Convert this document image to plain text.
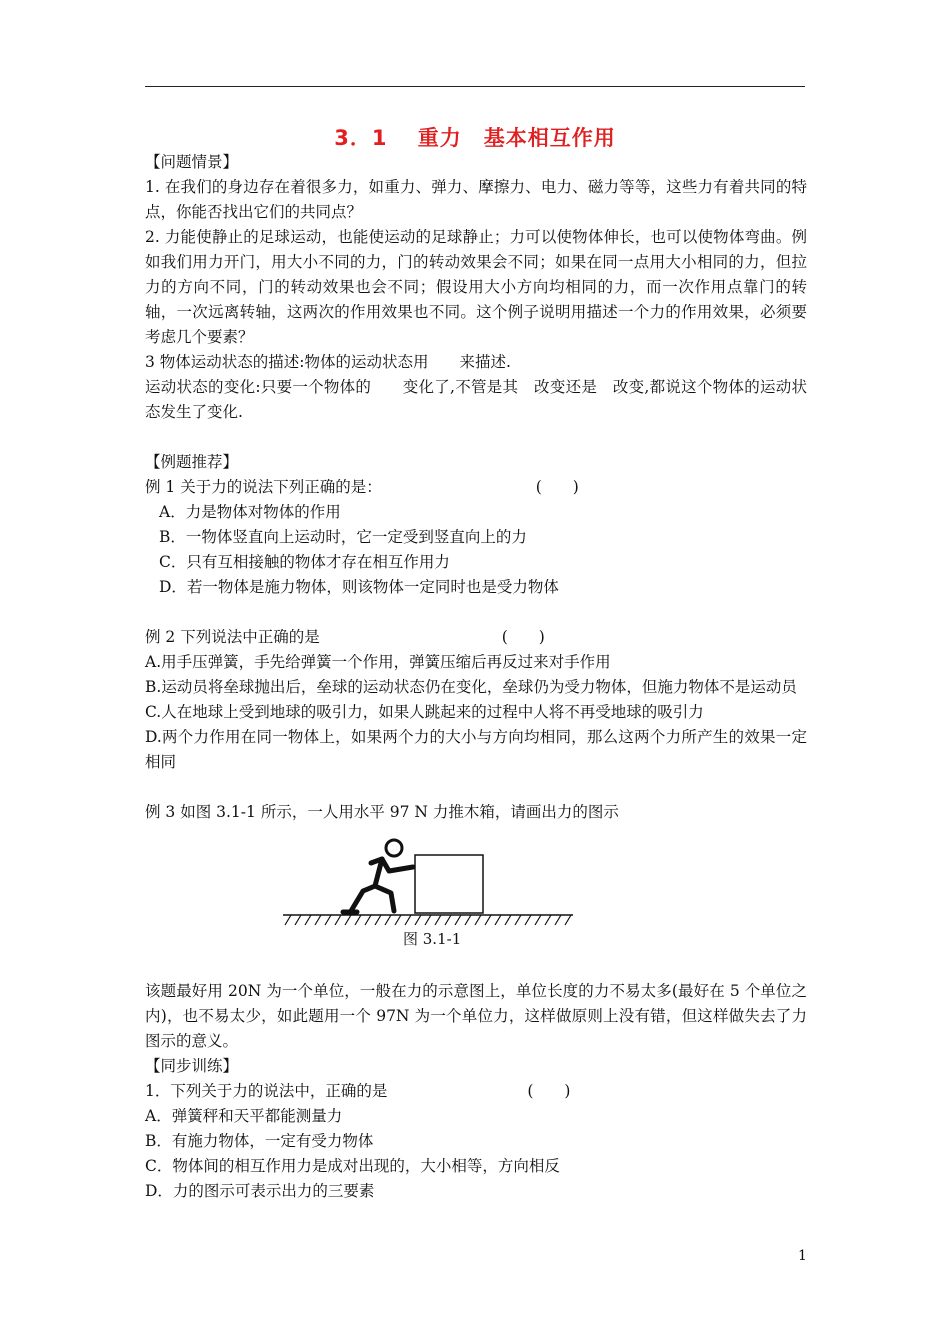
3．1　 重力　基本相互作用

【问题情景】

1. 在我们的身边存在着很多力，如重力、弹力、摩擦力、电力、磁力等等，这些力有着共同的特点，你能否找出它们的共同点？

2. 力能使静止的足球运动，也能使运动的足球静止；力可以使物体伸长，也可以使物体弯曲。例如我们用力开门，用大小不同的力，门的转动效果会不同；如果在同一点用大小相同的力，但拉力的方向不同，门的转动效果也会不同；假设用大小方向均相同的力，而一次作用点靠门的转轴，一次远离转轴，这两次的作用效果也不同。这个例子说明用描述一个力的作用效果，必须要考虑几个要素？

3 物体运动状态的描述:物体的运动状态用　　来描述.

运动状态的变化:只要一个物体的　　变化了,不管是其　改变还是　改变,都说这个物体的运动状态发生了变化.

【例题推荐】

例 1 关于力的说法下列正确的是：	(　　)

A．力是物体对物体的作用

B．一物体竖直向上运动时，它一定受到竖直向上的力

C．只有互相接触的物体才存在相互作用力

D．若一物体是施力物体，则该物体一定同时也是受力物体

例 2 下列说法中正确的是	(　　)

A.用手压弹簧，手先给弹簧一个作用，弹簧压缩后再反过来对手作用

B.运动员将垒球抛出后，垒球的运动状态仍在变化，垒球仍为受力物体，但施力物体不是运动员

C.人在地球上受到地球的吸引力，如果人跳起来的过程中人将不再受地球的吸引力

D.两个力作用在同一物体上，如果两个力的大小与方向均相同，那么这两个力所产生的效果一定相同

例 3 如图 3.1-1 所示，一人用水平 97 N 力推木箱，请画出力的图示

图 3.1-1

该题最好用 20N 为一个单位，一般在力的示意图上，单位长度的力不易太多(最好在 5 个单位之内)，也不易太少，如此题用一个 97N 为一个单位力，这样做原则上没有错，但这样做失去了力图示的意义。

【同步训练】

1．下列关于力的说法中，正确的是	(　　)

A．弹簧秤和天平都能测量力

B．有施力物体，一定有受力物体

C．物体间的相互作用力是成对出现的，大小相等，方向相反

D．力的图示可表示出力的三要素

1
